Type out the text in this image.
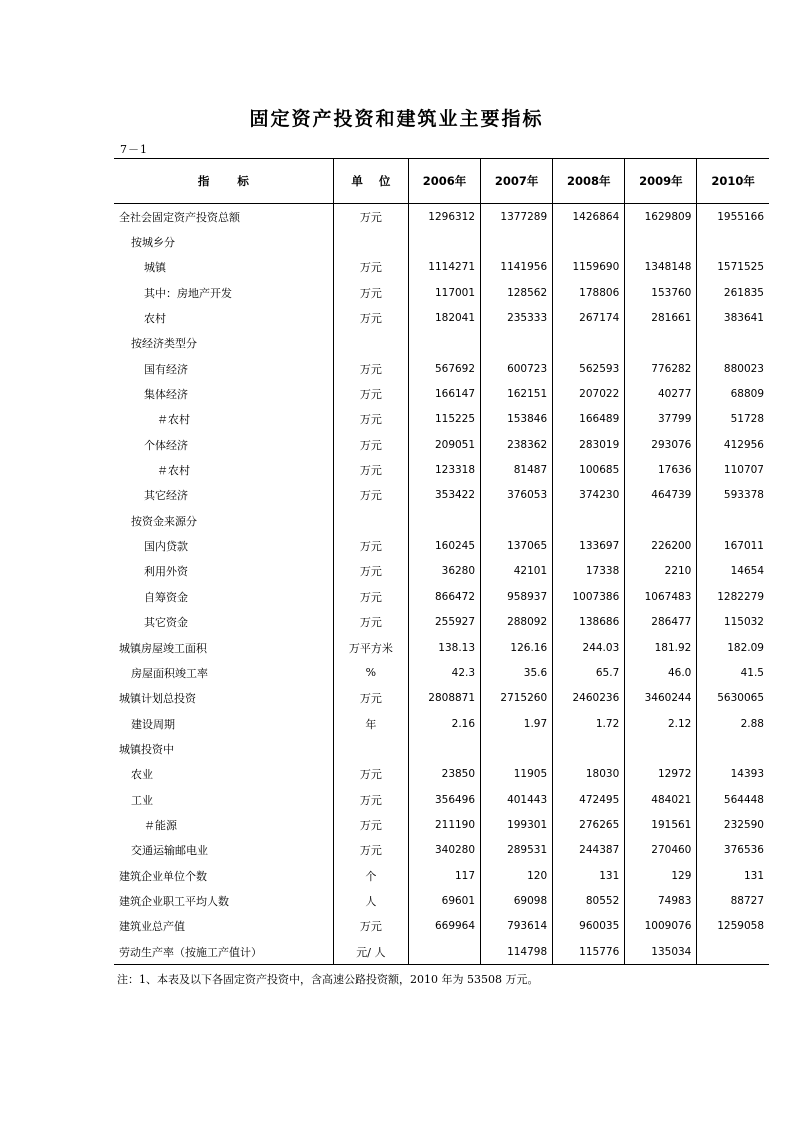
固定资产投资和建筑业主要指标
7－1
指标	单位	2006年	2007年	2008年	2009年	2010年
全社会固定资产投资总额	万元	1296312	1377289	1426864	1629809	1955166
按城乡分						
城镇	万元	1114271	1141956	1159690	1348148	1571525
其中：房地产开发	万元	117001	128562	178806	153760	261835
农村	万元	182041	235333	267174	281661	383641
按经济类型分						
国有经济	万元	567692	600723	562593	776282	880023
集体经济	万元	166147	162151	207022	40277	68809
＃农村	万元	115225	153846	166489	37799	51728
个体经济	万元	209051	238362	283019	293076	412956
＃农村	万元	123318	81487	100685	17636	110707
其它经济	万元	353422	376053	374230	464739	593378
按资金来源分						
国内贷款	万元	160245	137065	133697	226200	167011
利用外资	万元	36280	42101	17338	2210	14654
自筹资金	万元	866472	958937	1007386	1067483	1282279
其它资金	万元	255927	288092	138686	286477	115032
城镇房屋竣工面积	万平方米	138.13	126.16	244.03	181.92	182.09
房屋面积竣工率	%	42.3	35.6	65.7	46.0	41.5
城镇计划总投资	万元	2808871	2715260	2460236	3460244	5630065
建设周期	年	2.16	1.97	1.72	2.12	2.88
城镇投资中						
农业	万元	23850	11905	18030	12972	14393
工业	万元	356496	401443	472495	484021	564448
＃能源	万元	211190	199301	276265	191561	232590
交通运输邮电业	万元	340280	289531	244387	270460	376536
建筑企业单位个数	个	117	120	131	129	131
建筑企业职工平均人数	人	69601	69098	80552	74983	88727
建筑业总产值	万元	669964	793614	960035	1009076	1259058
劳动生产率（按施工产值计）	元/ 人		114798	115776	135034	
注：1、本表及以下各固定资产投资中，含高速公路投资额，2010 年为 53508 万元。
